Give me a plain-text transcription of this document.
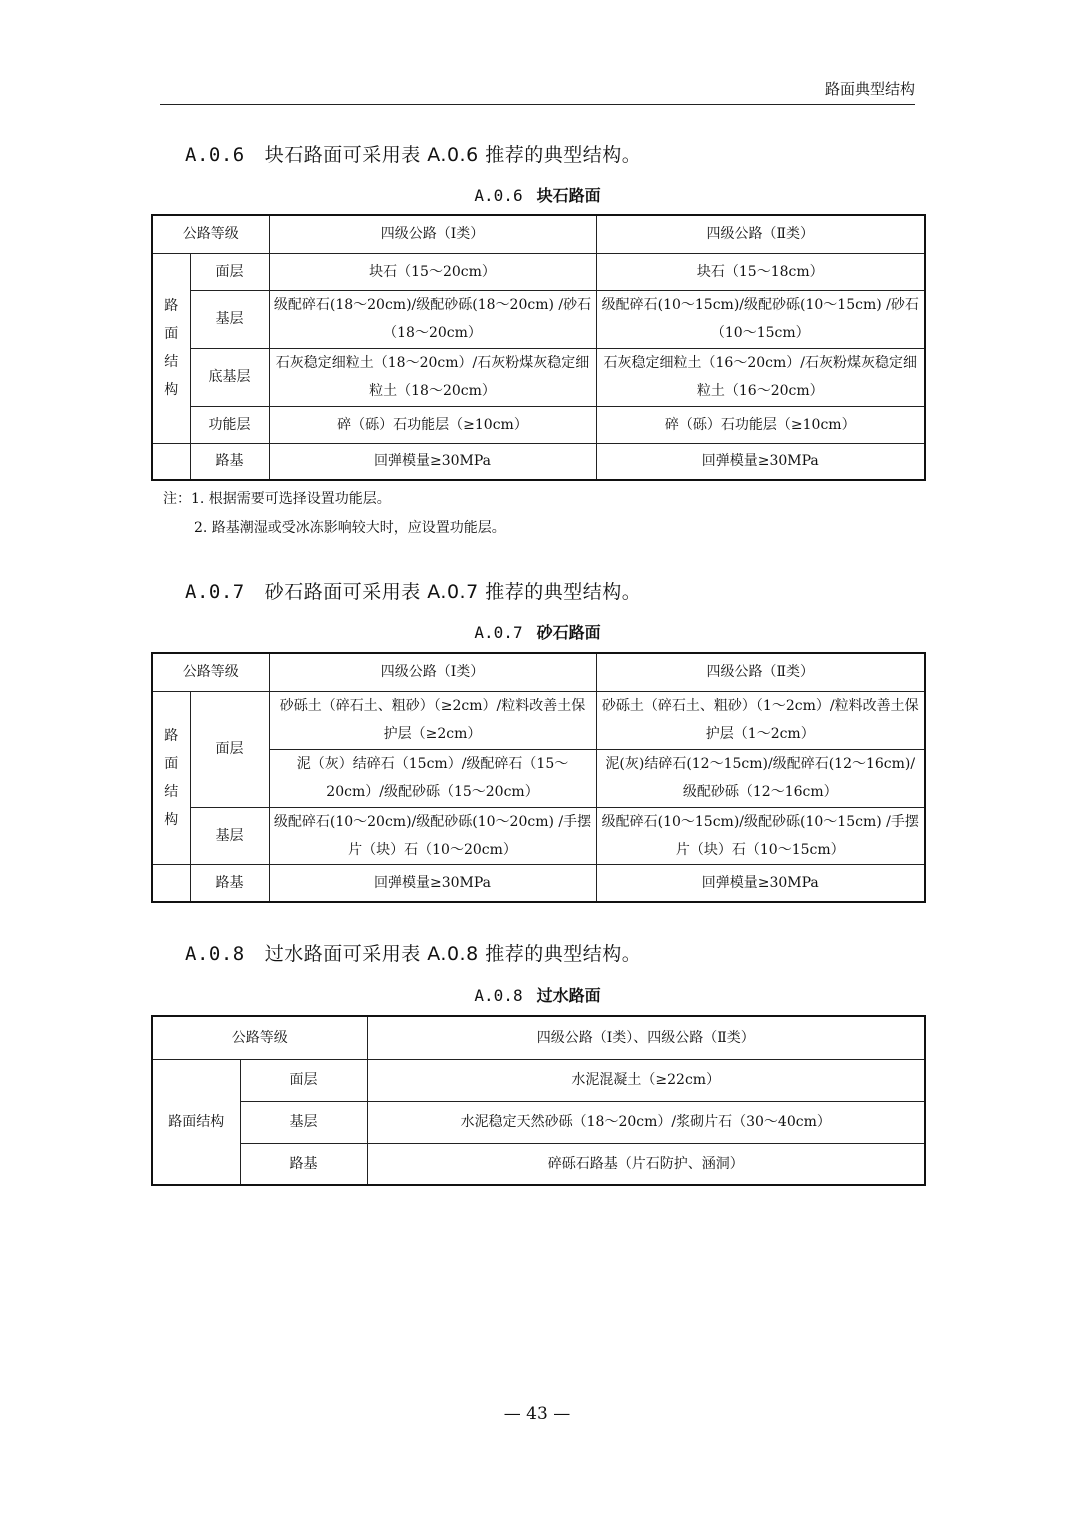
路面典型结构
A.0.6 块石路面可采用表 A.0.6 推荐的典型结构。
A.0.6 块石路面
公路等级		四级公路（Ⅰ类）	四级公路（Ⅱ类）

路
面
结
构	面层	块石（15～20cm）	块石（15～18cm）
	基层	级配碎石(18～20cm)/级配砂砾(18～20cm) /砂石（18～20cm）	级配碎石(10～15cm)/级配砂砾(10～15cm) /砂石（10～15cm）
	底基层	石灰稳定细粒土（18～20cm）/石灰粉煤灰稳定细粒土（18～20cm）	石灰稳定细粒土（16～20cm）/石灰粉煤灰稳定细粒土（16～20cm）
	功能层	碎（砾）石功能层（≥10cm）	碎（砾）石功能层（≥10cm）
	路基	回弹模量≥30MPa	回弹模量≥30MPa
注：1. 根据需要可选择设置功能层。
2. 路基潮湿或受冰冻影响较大时，应设置功能层。
A.0.7 砂石路面可采用表 A.0.7 推荐的典型结构。
A.0.7 砂石路面
公路等级		四级公路（Ⅰ类）	四级公路（Ⅱ类）

路
面
结
构	面层	砂砾土（碎石土、粗砂）（≥2cm）/粒料改善土保护层（≥2cm）	砂砾土（碎石土、粗砂）（1～2cm）/粒料改善土保护层（1～2cm）
		泥（灰）结碎石（15cm）/级配碎石（15～20cm）/级配砂砾（15～20cm）	泥(灰)结碎石(12～15cm)/级配碎石(12～16cm)/级配砂砾（12～16cm）
	基层	级配碎石(10～20cm)/级配砂砾(10～20cm) /手摆片（块）石（10～20cm）	级配碎石(10～15cm)/级配砂砾(10～15cm) /手摆片（块）石（10～15cm）
	路基	回弹模量≥30MPa	回弹模量≥30MPa
A.0.8 过水路面可采用表 A.0.8 推荐的典型结构。
A.0.8 过水路面
公路等级		四级公路（Ⅰ类）、四级公路（Ⅱ类）
路面结构	面层	水泥混凝土（≥22cm）
	基层	水泥稳定天然砂砾（18～20cm）/浆砌片石（30～40cm）
	路基	碎砾石路基（片石防护、涵洞）
— 43 —
